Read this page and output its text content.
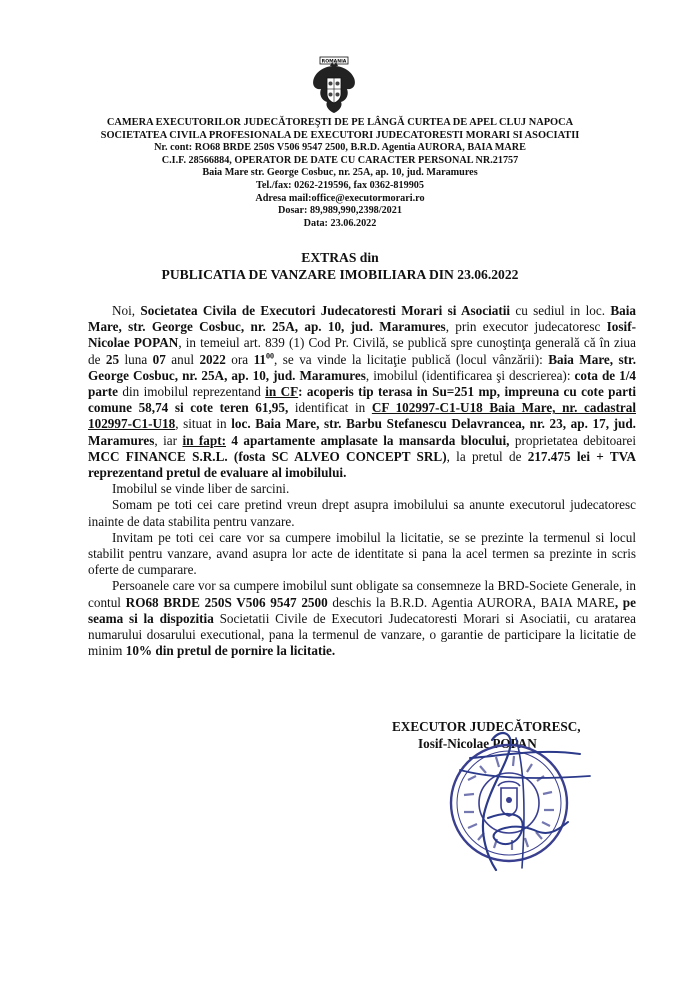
ROMANIA
CAMERA EXECUTORILOR JUDECĂTOREŞTI DE PE LÂNGĂ CURTEA DE APEL CLUJ NAPOCA
SOCIETATEA CIVILA PROFESIONALA DE EXECUTORI JUDECATORESTI MORARI SI ASOCIATII
Nr. cont: RO68 BRDE 250S V506 9547 2500, B.R.D. Agentia AURORA, BAIA MARE
C.I.F. 28566884, OPERATOR DE DATE CU CARACTER PERSONAL NR.21757
Baia Mare str. George Cosbuc, nr. 25A, ap. 10, jud. Maramures
Tel./fax: 0262-219596, fax 0362-819905
Adresa mail:office@executormorari.ro
Dosar: 89,989,990,2398/2021
Data: 23.06.2022
EXTRAS din
PUBLICATIA DE VANZARE IMOBILIARA DIN 23.06.2022

Noi, Societatea Civila de Executori Judecatoresti Morari si Asociatii cu sediul in loc. Baia Mare, str. George Cosbuc, nr. 25A, ap. 10, jud. Maramures, prin executor judecatoresc Iosif-Nicolae POPAN, in temeiul art. 839 (1) Cod Pr. Civilă, se publică spre cunoştinţa generală că în ziua de 25 luna 07 anul 2022 ora $11^{00}$, se va vinde la licitaţie publică (locul vânzării): Baia Mare, str. George Cosbuc, nr. 25A, ap. 10, jud. Maramures, imobilul (identificarea şi descrierea): cota de 1/4 parte din imobilul reprezentand in CF: acoperis tip terasa in Su=251 mp, impreuna cu cote parti comune 58,74 si cote teren 61,95, identificat in CF 102997-C1-U18 Baia Mare, nr. cadastral 102997-C1-U18, situat in loc. Baia Mare, str. Barbu Stefanescu Delavrancea, nr. 23, ap. 17, jud. Maramures, iar in fapt: 4 apartamente amplasate la mansarda blocului, proprietatea debitoarei MCC FINANCE S.R.L. (fosta SC ALVEO CONCEPT SRL), la pretul de 217.475 lei + TVA reprezentand pretul de evaluare al imobilului.

Imobilul se vinde liber de sarcini.

Somam pe toti cei care pretind vreun drept asupra imobilului sa anunte executorul judecatoresc inainte de data stabilita pentru vanzare.

Invitam pe toti cei care vor sa cumpere imobilul la licitatie, se se prezinte la termenul si locul stabilit pentru vanzare, avand asupra lor acte de identitate si pana la acel termen sa prezinte in scris oferte de cumparare.

Persoanele care vor sa cumpere imobilul sunt obligate sa consemneze la BRD-Societe Generale, in contul RO68 BRDE 250S V506 9547 2500 deschis la B.R.D. Agentia AURORA, BAIA MARE, pe seama si la dispozitia Societatii Civile de Executori Judecatoresti Morari si Asociatii, cu aratarea numarului dosarului executional, pana la termenul de vanzare, o garantie de participare la licitatie de minim 10% din pretul de pornire la licitatie.

EXECUTOR JUDECĂTORESC,
Iosif-Nicolae POPAN
